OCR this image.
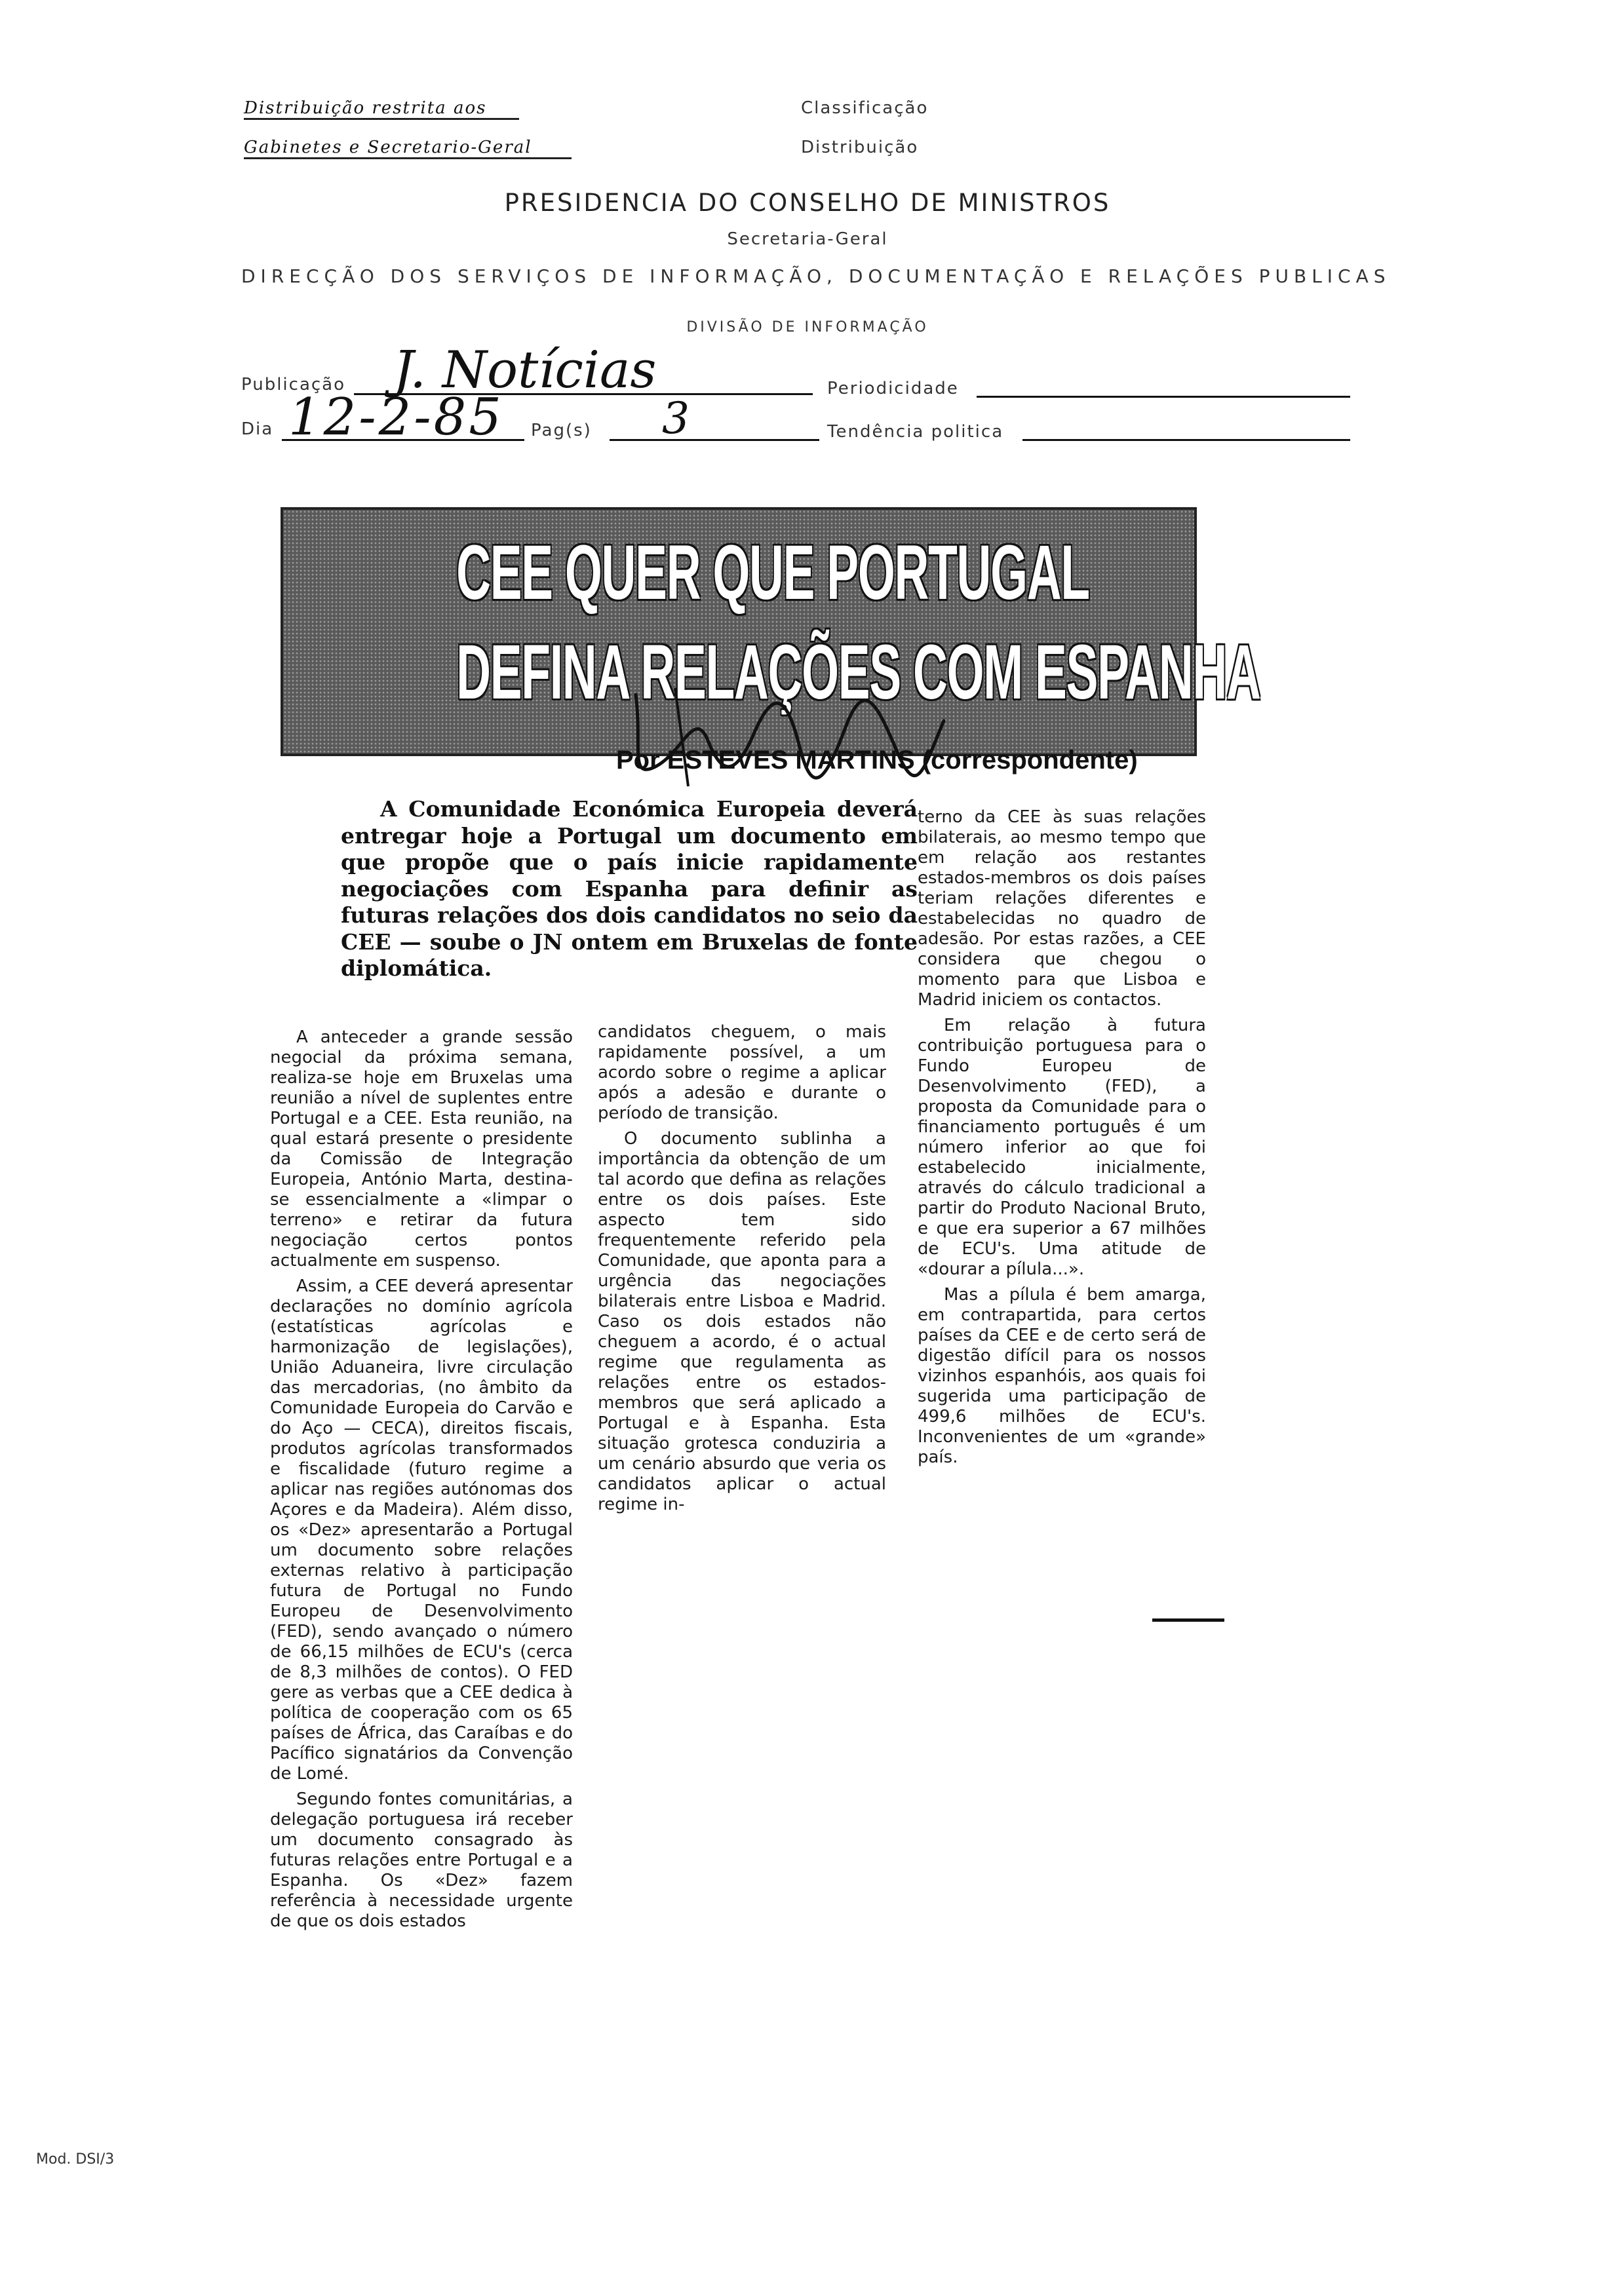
Distribuição restrita aos
Gabinetes e Secretario-Geral
Classificação
Distribuição
PRESIDENCIA DO CONSELHO DE MINISTROS
Secretaria-Geral
DIRECÇÃO DOS SERVIÇOS DE INFORMAÇÃO, DOCUMENTAÇÃO E RELAÇÕES PUBLICAS
DIVISÃO DE INFORMAÇÃO
Publicação J. Notícias	Periodicidade
Dia 12-2-85 Pag(s) 3	Tendência politica
CEE QUER QUE PORTUGAL
DEFINA RELAÇÕES COM ESPANHA
Por ESTEVES MARTINS (correspondente)
A Comunidade Económica Europeia deverá entregar hoje a Portugal um documento em que propõe que o país inicie rapidamente negociações com Espanha para definir as futuras relações dos dois candidatos no seio da CEE — soube o JN ontem em Bruxelas de fonte diplomática.

A anteceder a grande sessão negocial da próxima semana, realiza-se hoje em Bruxelas uma reunião a nível de suplentes entre Portugal e a CEE. Esta reunião, na qual estará presente o presidente da Comissão de Integração Europeia, António Marta, destina-se essencialmente a «limpar o terreno» e retirar da futura negociação certos pontos actualmente em suspenso.

Assim, a CEE deverá apresentar declarações no domínio agrícola (estatísticas agrícolas e harmonização de legislações), União Aduaneira, livre circulação das mercadorias, (no âmbito da Comunidade Europeia do Carvão e do Aço — CECA), direitos fiscais, produtos agrícolas transformados e fiscalidade (futuro regime a aplicar nas regiões autónomas dos Açores e da Madeira). Além disso, os «Dez» apresentarão a Portugal um documento sobre relações externas relativo à participação futura de Portugal no Fundo Europeu de Desenvolvimento (FED), sendo avançado o número de 66,15 milhões de ECU's (cerca de 8,3 milhões de contos). O FED gere as verbas que a CEE dedica à política de cooperação com os 65 países de África, das Caraíbas e do Pacífico signatários da Convenção de Lomé.

Segundo fontes comunitárias, a delegação portuguesa irá receber um documento consagrado às futuras relações entre Portugal e a Espanha. Os «Dez» fazem referência à necessidade urgente de que os dois estados

candidatos cheguem, o mais rapidamente possível, a um acordo sobre o regime a aplicar após a adesão e durante o período de transição.

O documento sublinha a importância da obtenção de um tal acordo que defina as relações entre os dois países. Este aspecto tem sido frequentemente referido pela Comunidade, que aponta para a urgência das negociações bilaterais entre Lisboa e Madrid. Caso os dois estados não cheguem a acordo, é o actual regime que regulamenta as relações entre os estados-membros que será aplicado a Portugal e à Espanha. Esta situação grotesca conduziria a um cenário absurdo que veria os candidatos aplicar o actual regime in-

terno da CEE às suas relações bilaterais, ao mesmo tempo que em relação aos restantes estados-membros os dois países teriam relações diferentes e estabelecidas no quadro de adesão. Por estas razões, a CEE considera que chegou o momento para que Lisboa e Madrid iniciem os contactos.

Em relação à futura contribuição portuguesa para o Fundo Europeu de Desenvolvimento (FED), a proposta da Comunidade para o financiamento português é um número inferior ao que foi estabelecido inicialmente, através do cálculo tradicional a partir do Produto Nacional Bruto, e que era superior a 67 milhões de ECU's. Uma atitude de «dourar a pílula...».

Mas a pílula é bem amarga, em contrapartida, para certos países da CEE e de certo será de digestão difícil para os nossos vizinhos espanhóis, aos quais foi sugerida uma participação de 499,6 milhões de ECU's. Inconvenientes de um «grande» país.

Mod. DSI/3
